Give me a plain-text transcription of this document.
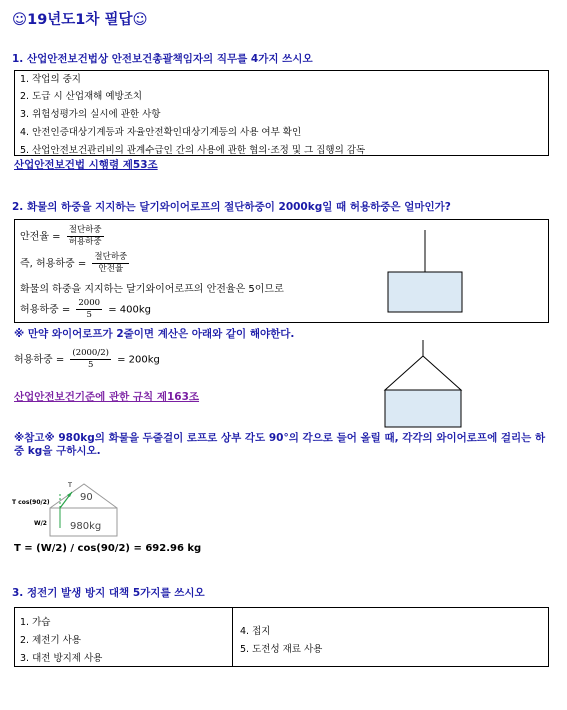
☺19년도1차 필답☺
1. 산업안전보건법상 안전보건총괄책임자의 직무를 4가지 쓰시오
1. 작업의 중지
2. 도급 시 산업재해 예방조치
3. 위험성평가의 실시에 관한 사항
4. 안전인증대상기계등과 자율안전확인대상기계등의 사용 여부 확인
5. 산업안전보건관리비의 관계수급인 간의 사용에 관한 협의·조정 및 그 집행의 감독
산업안전보건법 시행령 제53조
2. 화물의 하중을 지지하는 달기와이어로프의 절단하중이 2000kg일 때 허용하중은 얼마인가?
안전율 = $\frac{\text{절단하중}}{\text{허용하중}}$
즉, 허용하중 = $\frac{\text{절단하중}}{\text{안전율}}$
화물의 하중을 지지하는 달기와이어로프의 안전율은 5이므로
허용하중 = $\frac{2000}{5} = 400kg$
※ 만약 와이어로프가 2줄이면 계산은 아래와 같이 해야한다.
허용하중 = $\frac{(2000/2)}{5} = 200kg$
산업안전보건기준에 관한 규칙 제163조
※참고※ 980kg의 화물을 두줄걸이 로프로 상부 각도 90°의 각으로 들어 올릴 때, 각각의 와이어로프에 걸리는 하중 kg을 구하시오.
T
T cos(90/2)
W/2
90
980kg
T = (W/2) / cos(90/2) = 692.96 kg
3. 정전기 발생 방지 대책 5가지를 쓰시오
1. 가습
2. 제전기 사용
3. 대전 방지제 사용
4. 접지
5. 도전성 재료 사용
